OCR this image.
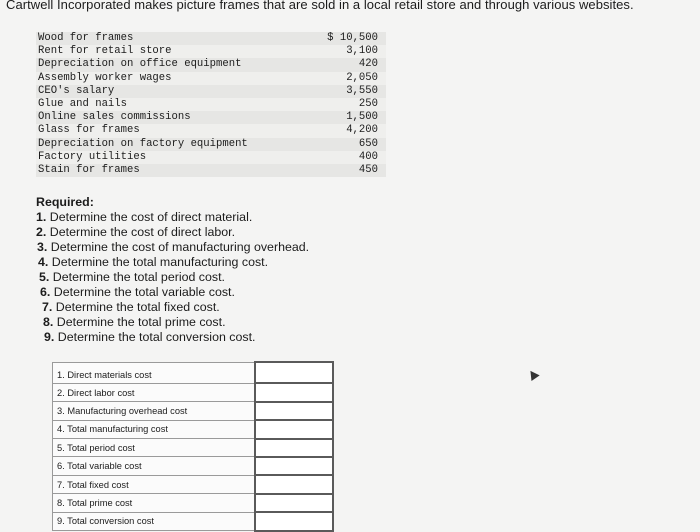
Cartwell Incorporated makes picture frames that are sold in a local retail store and through various websites.
Wood for frames	$ 10,500
Rent for retail store	3,100
Depreciation on office equipment	420
Assembly worker wages	2,050
CEO's salary	3,550
Glue and nails	250
Online sales commissions	1,500
Glass for frames	4,200
Depreciation on factory equipment	650
Factory utilities	400
Stain for frames	450
Required:
1. Determine the cost of direct material.
2. Determine the cost of direct labor.
3. Determine the cost of manufacturing overhead.
4. Determine the total manufacturing cost.
5. Determine the total period cost.
6. Determine the total variable cost.
7. Determine the total fixed cost.
8. Determine the total prime cost.
9. Determine the total conversion cost.
1. Direct materials cost	
2. Direct labor cost	
3. Manufacturing overhead cost	
4. Total manufacturing cost	
5. Total period cost	
6. Total variable cost	
7. Total fixed cost	
8. Total prime cost	
9. Total conversion cost	
